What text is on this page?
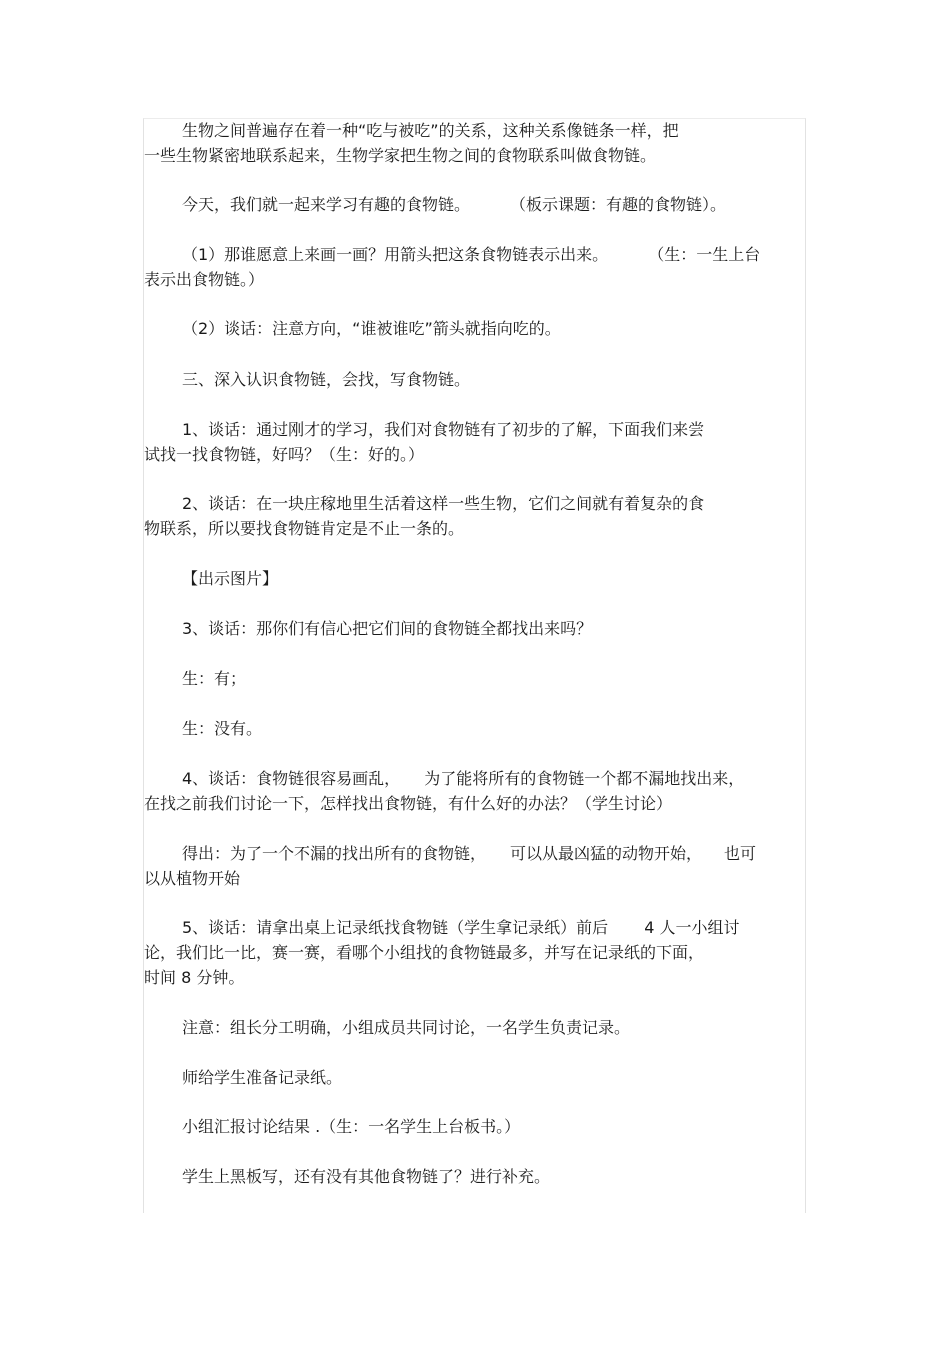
生物之间普遍存在着一种“吃与被吃”的关系，这种关系像链条一样，把
一些生物紧密地联系起来，生物学家把生物之间的食物联系叫做食物链。
今天，我们就一起来学习有趣的食物链。	（板示课题：有趣的食物链）。
（1）那谁愿意上来画一画？用箭头把这条食物链表示出来。	（生：一生上台
表示出食物链。）
（2）谈话：注意方向，“谁被谁吃”箭头就指向吃的。
三、深入认识食物链，会找，写食物链。
1、谈话：通过刚才的学习，我们对食物链有了初步的了解，下面我们来尝
试找一找食物链，好吗？（生：好的。）
2、谈话：在一块庄稼地里生活着这样一些生物，它们之间就有着复杂的食
物联系，所以要找食物链肯定是不止一条的。
【出示图片】
3、谈话：那你们有信心把它们间的食物链全都找出来吗？
生：有；
生：没有。
4、谈话：食物链很容易画乱， 为了能将所有的食物链一个都不漏地找出来，
在找之前我们讨论一下，怎样找出食物链，有什么好的办法？（学生讨论）
得出：为了一个不漏的找出所有的食物链， 可以从最凶猛的动物开始， 也可
以从植物开始
5、谈话：请拿出桌上记录纸找食物链（学生拿记录纸）前后 4 人一小组讨
论，我们比一比，赛一赛，看哪个小组找的食物链最多，并写在记录纸的下面，
时间 8 分钟。
注意：组长分工明确，小组成员共同讨论，一名学生负责记录。
师给学生准备记录纸。
小组汇报讨论结果 .（生：一名学生上台板书。）
学生上黑板写，还有没有其他食物链了？进行补充。
